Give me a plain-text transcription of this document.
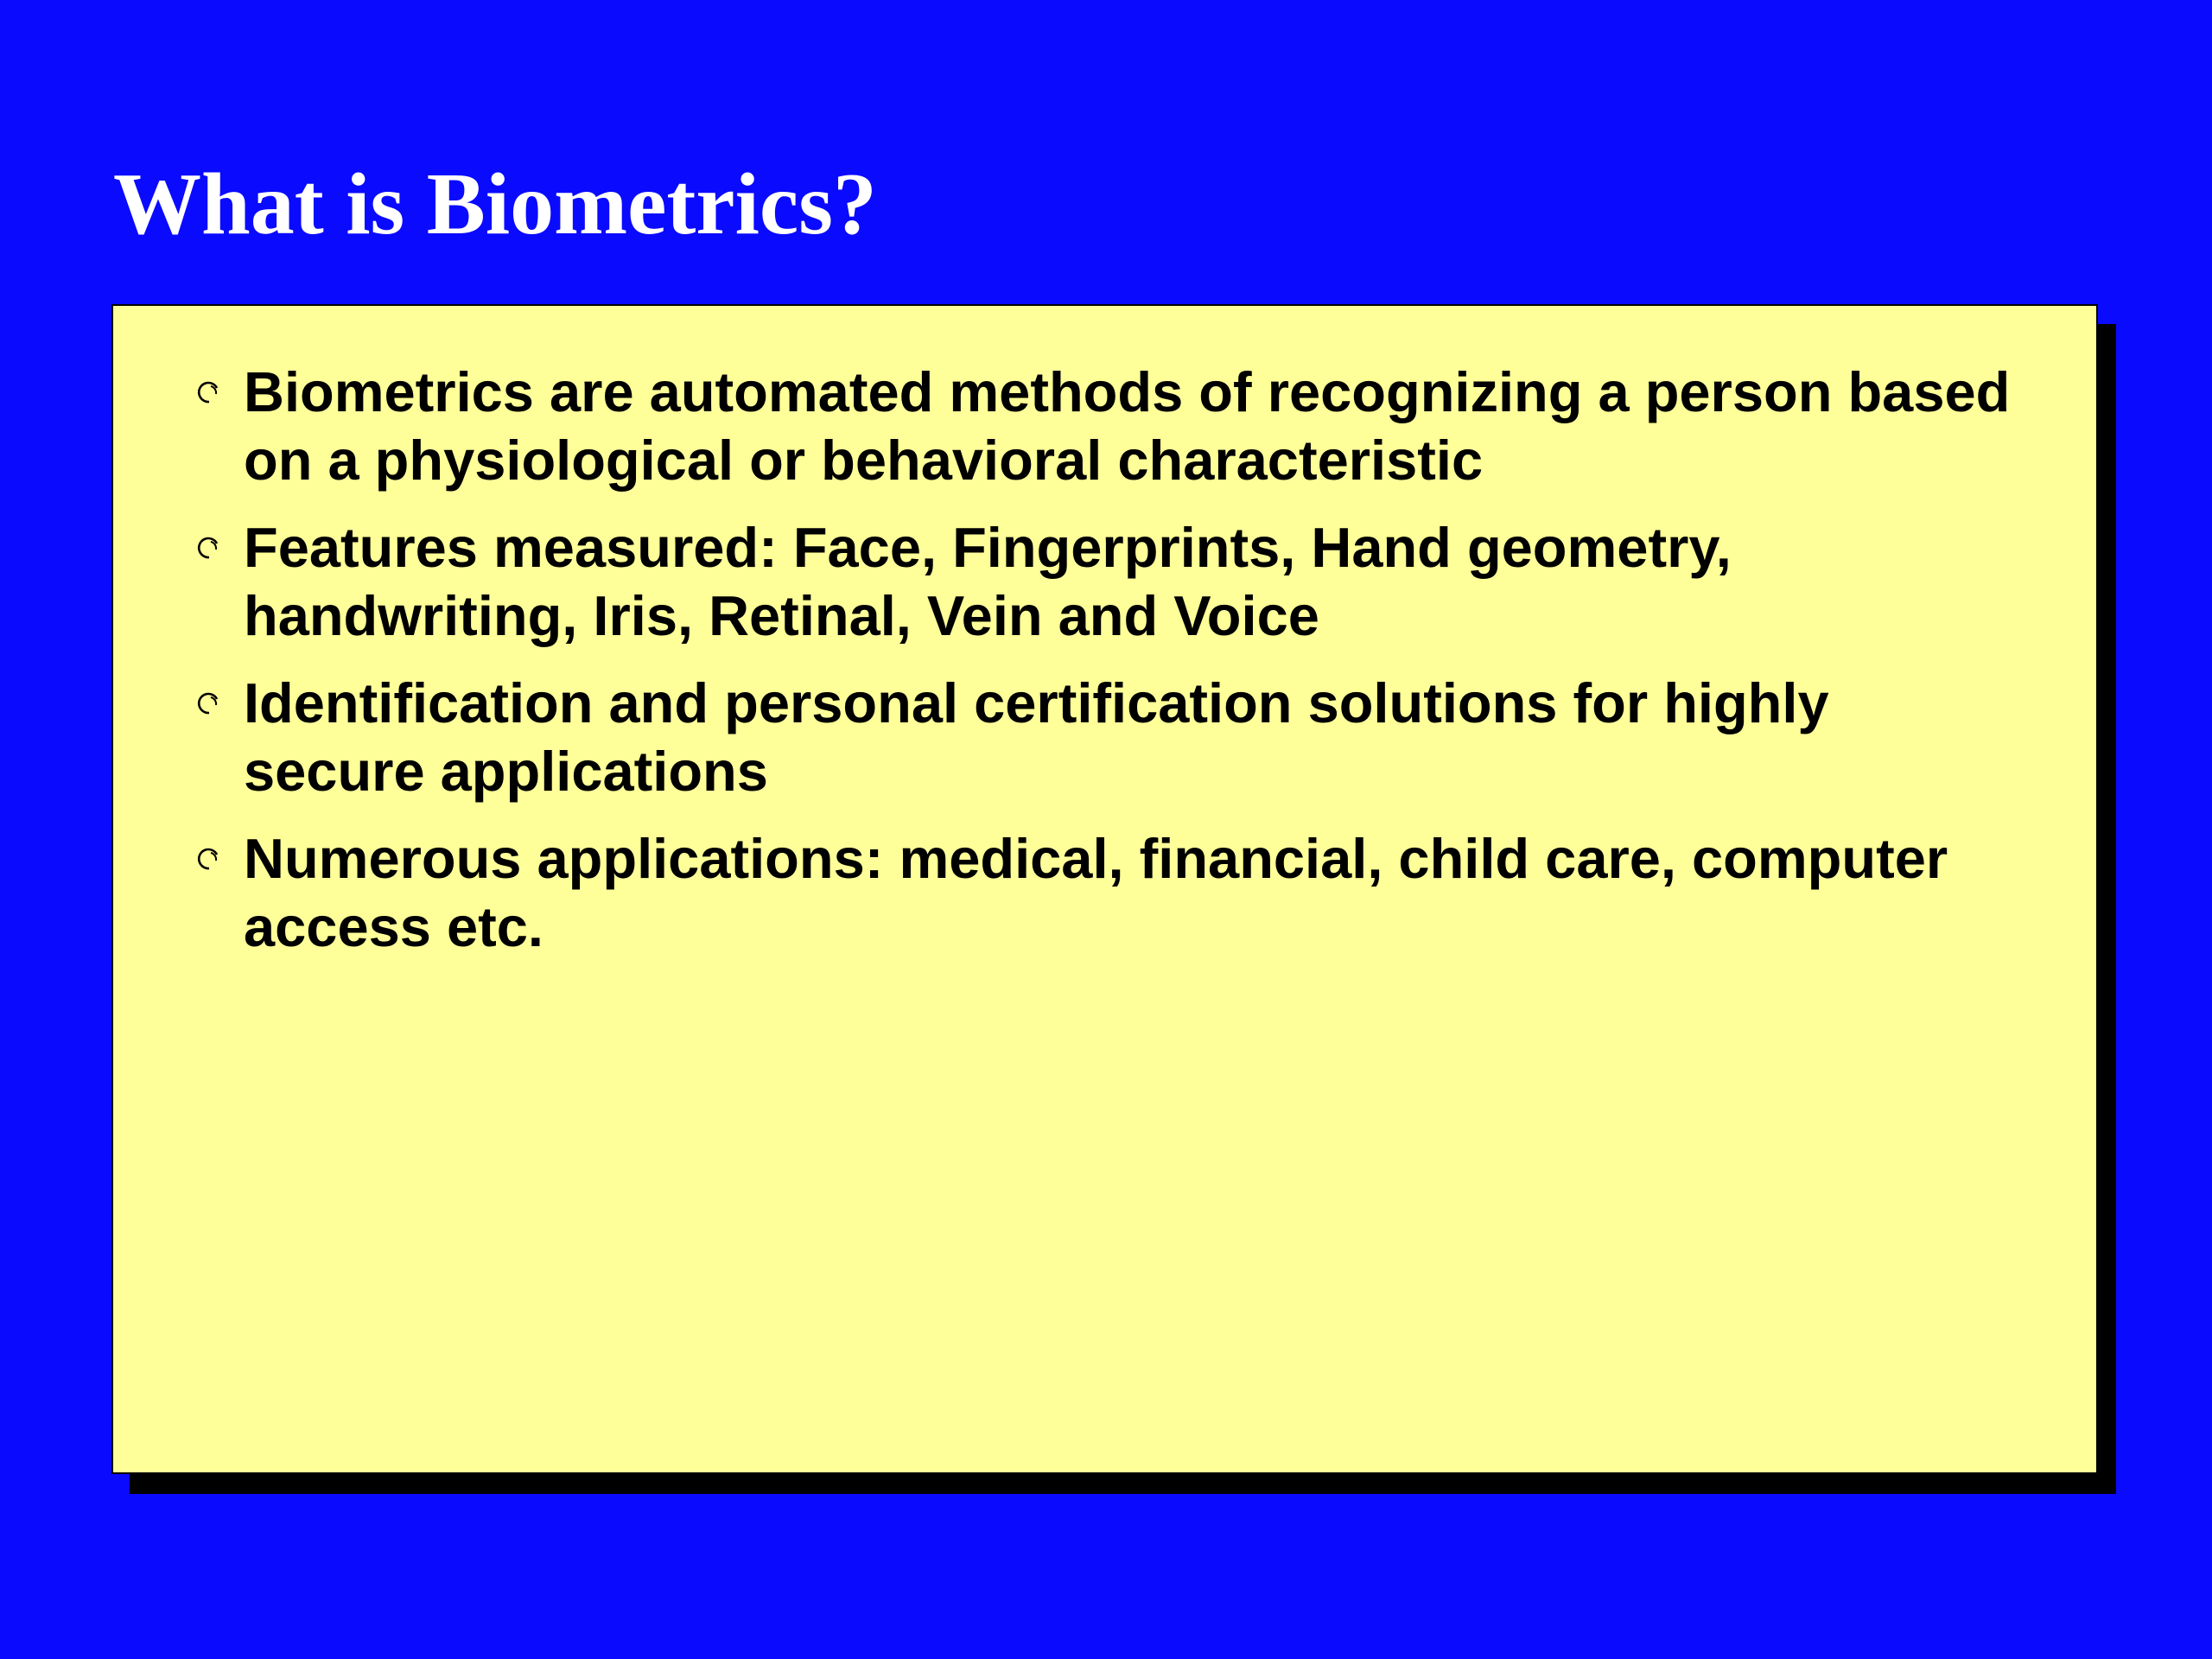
What is Biometrics?
Biometrics are automated methods of recognizing a person based on a physiological or behavioral characteristic
Features measured: Face, Fingerprints, Hand geometry, handwriting, Iris, Retinal, Vein and Voice
Identification and personal certification solutions for highly secure applications
Numerous applications: medical, financial, child care, computer access etc.
